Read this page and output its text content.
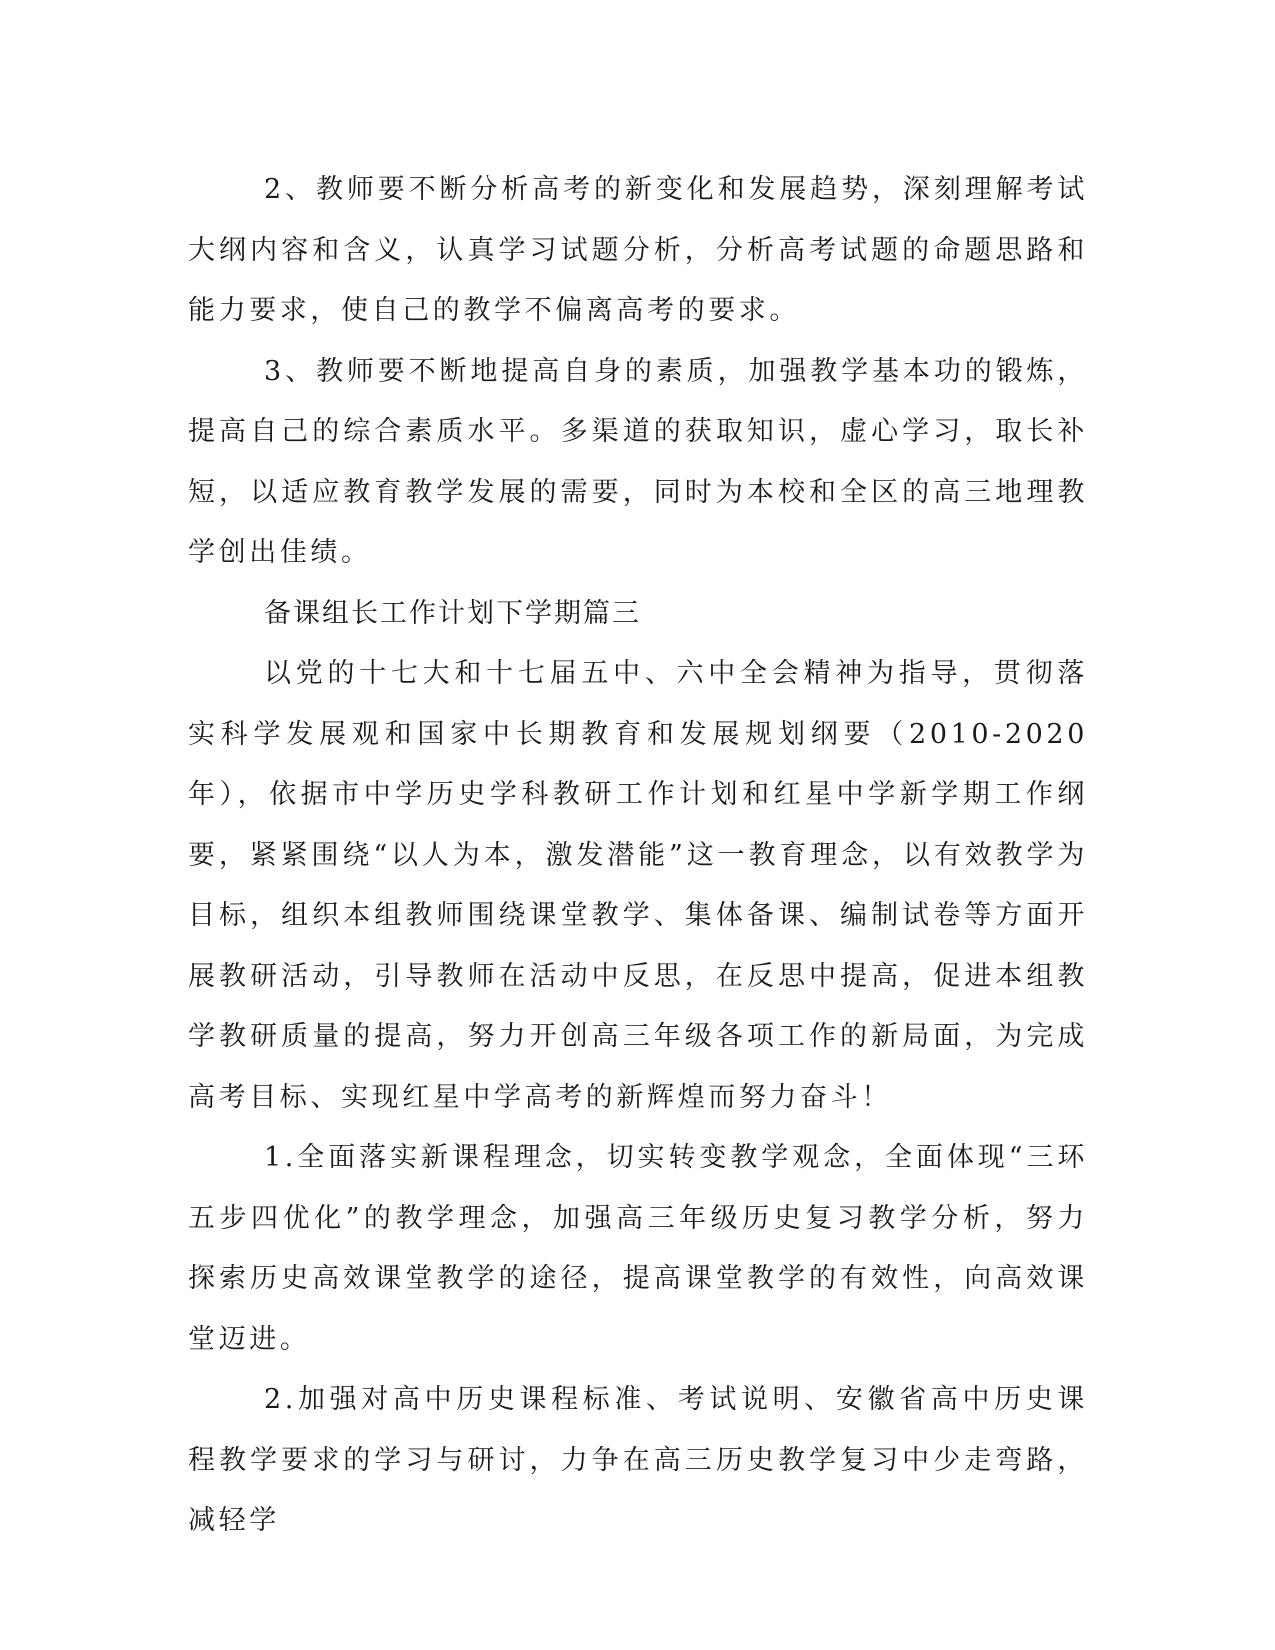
2、教师要不断分析高考的新变化和发展趋势，深刻理解考试大纲内容和含义，认真学习试题分析，分析高考试题的命题思路和能力要求，使自己的教学不偏离高考的要求。

3、教师要不断地提高自身的素质，加强教学基本功的锻炼，提高自己的综合素质水平。多渠道的获取知识，虚心学习，取长补短，以适应教育教学发展的需要，同时为本校和全区的高三地理教学创出佳绩。

备课组长工作计划下学期篇三

以党的十七大和十七届五中、六中全会精神为指导，贯彻落实科学发展观和国家中长期教育和发展规划纲要（2010-2020年），依据市中学历史学科教研工作计划和红星中学新学期工作纲要，紧紧围绕“以人为本，激发潜能”这一教育理念，以有效教学为目标，组织本组教师围绕课堂教学、集体备课、编制试卷等方面开展教研活动，引导教师在活动中反思，在反思中提高，促进本组教学教研质量的提高，努力开创高三年级各项工作的新局面，为完成高考目标、实现红星中学高考的新辉煌而努力奋斗！

1.全面落实新课程理念，切实转变教学观念，全面体现“三环五步四优化”的教学理念，加强高三年级历史复习教学分析，努力探索历史高效课堂教学的途径，提高课堂教学的有效性，向高效课堂迈进。

2.加强对高中历史课程标准、考试说明、安徽省高中历史课程教学要求的学习与研讨，力争在高三历史教学复习中少走弯路，减轻学
